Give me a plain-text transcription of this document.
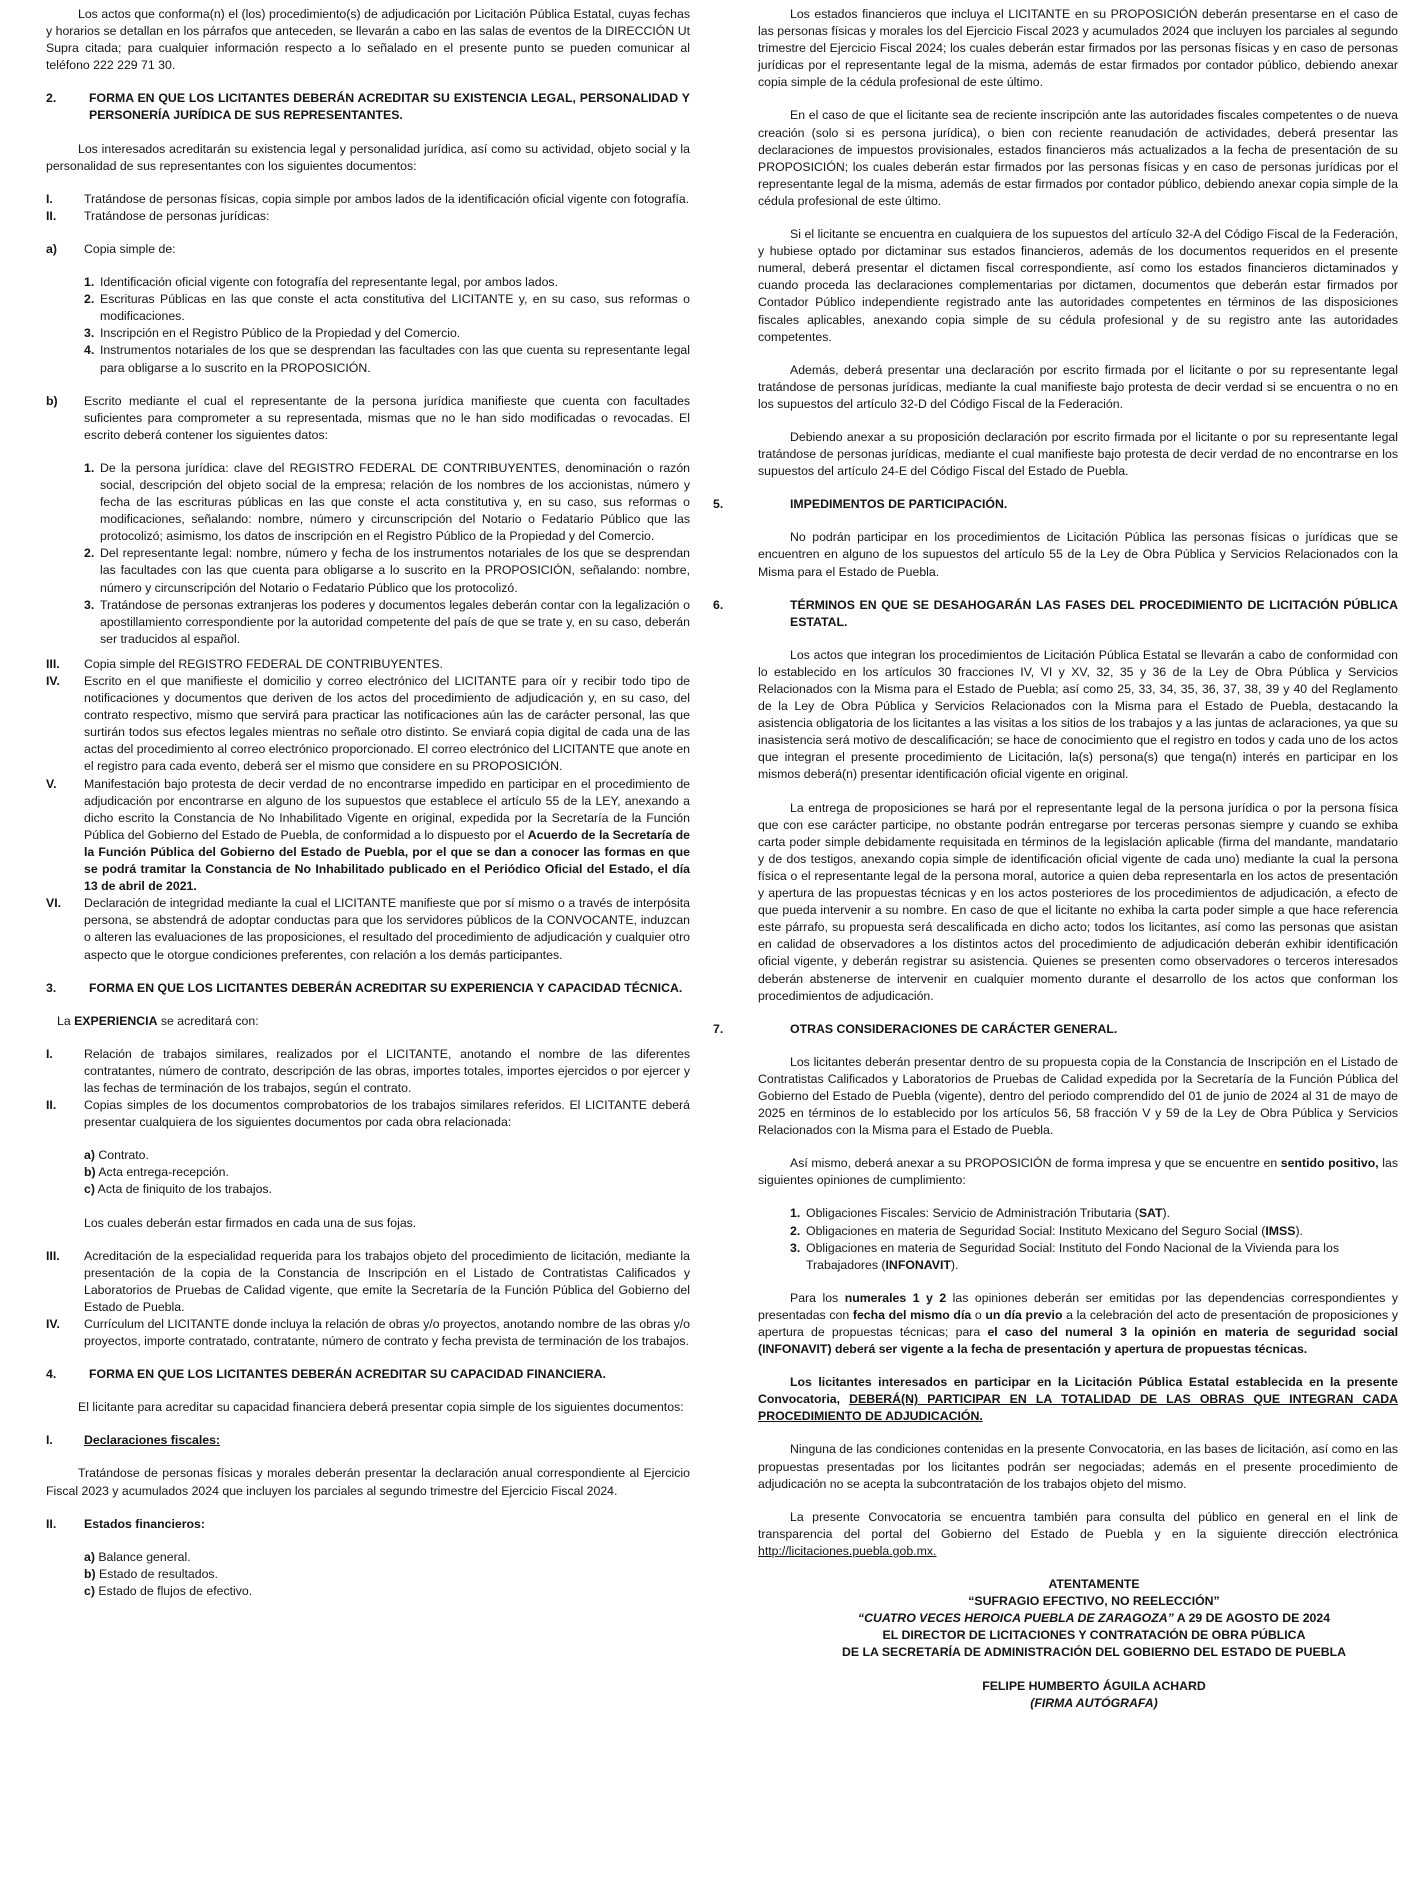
Los actos que conforma(n) el (los) procedimiento(s) de adjudicación por Licitación Pública Estatal, cuyas fechas y horarios se detallan en los párrafos que anteceden, se llevarán a cabo en las salas de eventos de la DIRECCIÓN Ut Supra citada; para cualquier información respecto a lo señalado en el presente punto se pueden comunicar al teléfono 222 229 71 30.

2.	FORMA EN QUE LOS LICITANTES DEBERÁN ACREDITAR SU EXISTENCIA LEGAL, PERSONALIDAD Y PERSONERÍA JURÍDICA DE SUS REPRESENTANTES.

Los interesados acreditarán su existencia legal y personalidad jurídica, así como su actividad, objeto social y la personalidad de sus representantes con los siguientes documentos:

I.	Tratándose de personas físicas, copia simple por ambos lados de la identificación oficial vigente con fotografía.
II.	Tratándose de personas jurídicas:
a)	Copia simple de:
1. Identificación oficial vigente con fotografía del representante legal, por ambos lados.
2. Escrituras Públicas en las que conste el acta constitutiva del LICITANTE y, en su caso, sus reformas o modificaciones.
3. Inscripción en el Registro Público de la Propiedad y del Comercio.
4. Instrumentos notariales de los que se desprendan las facultades con las que cuenta su representante legal para obligarse a lo suscrito en la PROPOSICIÓN.
b)	Escrito mediante el cual el representante de la persona jurídica manifieste que cuenta con facultades suficientes para comprometer a su representada, mismas que no le han sido modificadas o revocadas. El escrito deberá contener los siguientes datos:
1. De la persona jurídica: clave del REGISTRO FEDERAL DE CONTRIBUYENTES, denominación o razón social, descripción del objeto social de la empresa; relación de los nombres de los accionistas, número y fecha de las escrituras públicas en las que conste el acta constitutiva y, en su caso, sus reformas o modificaciones, señalando: nombre, número y circunscripción del Notario o Fedatario Público que las protocolizó; asimismo, los datos de inscripción en el Registro Público de la Propiedad y del Comercio.
2. Del representante legal: nombre, número y fecha de los instrumentos notariales de los que se desprendan las facultades con las que cuenta para obligarse a lo suscrito en la PROPOSICIÓN, señalando: nombre, número y circunscripción del Notario o Fedatario Público que los protocolizó.
3. Tratándose de personas extranjeras los poderes y documentos legales deberán contar con la legalización o apostillamiento correspondiente por la autoridad competente del país de que se trate y, en su caso, deberán ser traducidos al español.
III.	Copia simple del REGISTRO FEDERAL DE CONTRIBUYENTES.
IV.	Escrito en el que manifieste el domicilio y correo electrónico del LICITANTE para oír y recibir todo tipo de notificaciones y documentos que deriven de los actos del procedimiento de adjudicación y, en su caso, del contrato respectivo, mismo que servirá para practicar las notificaciones aún las de carácter personal, las que surtirán todos sus efectos legales mientras no señale otro distinto. Se enviará copia digital de cada una de las actas del procedimiento al correo electrónico proporcionado. El correo electrónico del LICITANTE que anote en el registro para cada evento, deberá ser el mismo que considere en su PROPOSICIÓN.
V.	Manifestación bajo protesta de decir verdad de no encontrarse impedido en participar en el procedimiento de adjudicación por encontrarse en alguno de los supuestos que establece el artículo 55 de la LEY, anexando a dicho escrito la Constancia de No Inhabilitado Vigente en original, expedida por la Secretaría de la Función Pública del Gobierno del Estado de Puebla, de conformidad a lo dispuesto por el Acuerdo de la Secretaría de la Función Pública del Gobierno del Estado de Puebla, por el que se dan a conocer las formas en que se podrá tramitar la Constancia de No Inhabilitado publicado en el Periódico Oficial del Estado, el día 13 de abril de 2021.
VI.	Declaración de integridad mediante la cual el LICITANTE manifieste que por sí mismo o a través de interpósita persona, se abstendrá de adoptar conductas para que los servidores públicos de la CONVOCANTE, induzcan o alteren las evaluaciones de las proposiciones, el resultado del procedimiento de adjudicación y cualquier otro aspecto que le otorgue condiciones preferentes, con relación a los demás participantes.
3.	FORMA EN QUE LOS LICITANTES DEBERÁN ACREDITAR SU EXPERIENCIA Y CAPACIDAD TÉCNICA.

La EXPERIENCIA se acreditará con:

I.	Relación de trabajos similares, realizados por el LICITANTE, anotando el nombre de las diferentes contratantes, número de contrato, descripción de las obras, importes totales, importes ejercidos o por ejercer y las fechas de terminación de los trabajos, según el contrato.
II.	Copias simples de los documentos comprobatorios de los trabajos similares referidos. El LICITANTE deberá presentar cualquiera de los siguientes documentos por cada obra relacionada:

a) Contrato.

b) Acta entrega-recepción.

c) Acta de finiquito de los trabajos.

Los cuales deberán estar firmados en cada una de sus fojas.

III.	Acreditación de la especialidad requerida para los trabajos objeto del procedimiento de licitación, mediante la presentación de la copia de la Constancia de Inscripción en el Listado de Contratistas Calificados y Laboratorios de Pruebas de Calidad vigente, que emite la Secretaría de la Función Pública del Gobierno del Estado de Puebla.
IV.	Currículum del LICITANTE donde incluya la relación de obras y/o proyectos, anotando nombre de las obras y/o proyectos, importe contratado, contratante, número de contrato y fecha prevista de terminación de los trabajos.
4.	FORMA EN QUE LOS LICITANTES DEBERÁN ACREDITAR SU CAPACIDAD FINANCIERA.

El licitante para acreditar su capacidad financiera deberá presentar copia simple de los siguientes documentos:

I.	Declaraciones fiscales:

Tratándose de personas físicas y morales deberán presentar la declaración anual correspondiente al Ejercicio Fiscal 2023 y acumulados 2024 que incluyen los parciales al segundo trimestre del Ejercicio Fiscal 2024.

II.	Estados financieros:

a) Balance general.

b) Estado de resultados.

c) Estado de flujos de efectivo.

Los estados financieros que incluya el LICITANTE en su PROPOSICIÓN deberán presentarse en el caso de las personas físicas y morales los del Ejercicio Fiscal 2023 y acumulados 2024 que incluyen los parciales al segundo trimestre del Ejercicio Fiscal 2024; los cuales deberán estar firmados por las personas físicas y en caso de personas jurídicas por el representante legal de la misma, además de estar firmados por contador público, debiendo anexar copia simple de la cédula profesional de este último.

En el caso de que el licitante sea de reciente inscripción ante las autoridades fiscales competentes o de nueva creación (solo si es persona jurídica), o bien con reciente reanudación de actividades, deberá presentar las declaraciones de impuestos provisionales, estados financieros más actualizados a la fecha de presentación de su PROPOSICIÓN; los cuales deberán estar firmados por las personas físicas y en caso de personas jurídicas por el representante legal de la misma, además de estar firmados por contador público, debiendo anexar copia simple de la cédula profesional de este último.

Si el licitante se encuentra en cualquiera de los supuestos del artículo 32-A del Código Fiscal de la Federación, y hubiese optado por dictaminar sus estados financieros, además de los documentos requeridos en el presente numeral, deberá presentar el dictamen fiscal correspondiente, así como los estados financieros dictaminados y cuando proceda las declaraciones complementarias por dictamen, documentos que deberán estar firmados por Contador Público independiente registrado ante las autoridades competentes en términos de las disposiciones fiscales aplicables, anexando copia simple de su cédula profesional y de su registro ante las autoridades competentes.

Además, deberá presentar una declaración por escrito firmada por el licitante o por su representante legal tratándose de personas jurídicas, mediante la cual manifieste bajo protesta de decir verdad si se encuentra o no en los supuestos del artículo 32-D del Código Fiscal de la Federación.

Debiendo anexar a su proposición declaración por escrito firmada por el licitante o por su representante legal tratándose de personas jurídicas, mediante el cual manifieste bajo protesta de decir verdad de no encontrarse en los supuestos del artículo 24-E del Código Fiscal del Estado de Puebla.

5.	IMPEDIMENTOS DE PARTICIPACIÓN.

No podrán participar en los procedimientos de Licitación Pública las personas físicas o jurídicas que se encuentren en alguno de los supuestos del artículo 55 de la Ley de Obra Pública y Servicios Relacionados con la Misma para el Estado de Puebla.

6.	TÉRMINOS EN QUE SE DESAHOGARÁN LAS FASES DEL PROCEDIMIENTO DE LICITACIÓN PÚBLICA ESTATAL.

Los actos que integran los procedimientos de Licitación Pública Estatal se llevarán a cabo de conformidad con lo establecido en los artículos 30 fracciones IV, VI y XV, 32, 35 y 36 de la Ley de Obra Pública y Servicios Relacionados con la Misma para el Estado de Puebla; así como 25, 33, 34, 35, 36, 37, 38, 39 y 40 del Reglamento de la Ley de Obra Pública y Servicios Relacionados con la Misma para el Estado de Puebla, destacando la asistencia obligatoria de los licitantes a las visitas a los sitios de los trabajos y a las juntas de aclaraciones, ya que su inasistencia será motivo de descalificación; se hace de conocimiento que el registro en todos y cada uno de los actos que integran el presente procedimiento de Licitación, la(s) persona(s) que tenga(n) interés en participar en los mismos deberá(n) presentar identificación oficial vigente en original.

La entrega de proposiciones se hará por el representante legal de la persona jurídica o por la persona física que con ese carácter participe, no obstante podrán entregarse por terceras personas siempre y cuando se exhiba carta poder simple debidamente requisitada en términos de la legislación aplicable (firma del mandante, mandatario y de dos testigos, anexando copia simple de identificación oficial vigente de cada uno) mediante la cual la persona física o el representante legal de la persona moral, autorice a quien deba representarla en los actos de presentación y apertura de las propuestas técnicas y en los actos posteriores de los procedimientos de adjudicación, a efecto de que pueda intervenir a su nombre. En caso de que el licitante no exhiba la carta poder simple a que hace referencia este párrafo, su propuesta será descalificada en dicho acto; todos los licitantes, así como las personas que asistan en calidad de observadores a los distintos actos del procedimiento de adjudicación deberán exhibir identificación oficial vigente, y deberán registrar su asistencia. Quienes se presenten como observadores o terceros interesados deberán abstenerse de intervenir en cualquier momento durante el desarrollo de los actos que conforman los procedimientos de adjudicación.

7.	OTRAS CONSIDERACIONES DE CARÁCTER GENERAL.

Los licitantes deberán presentar dentro de su propuesta copia de la Constancia de Inscripción en el Listado de Contratistas Calificados y Laboratorios de Pruebas de Calidad expedida por la Secretaría de la Función Pública del Gobierno del Estado de Puebla (vigente), dentro del periodo comprendido del 01 de junio de 2024 al 31 de mayo de 2025 en términos de lo establecido por los artículos 56, 58 fracción V y 59 de la Ley de Obra Pública y Servicios Relacionados con la Misma para el Estado de Puebla.

Así mismo, deberá anexar a su PROPOSICIÓN de forma impresa y que se encuentre en sentido positivo, las siguientes opiniones de cumplimiento:

1. Obligaciones Fiscales: Servicio de Administración Tributaria (SAT).
2. Obligaciones en materia de Seguridad Social: Instituto Mexicano del Seguro Social (IMSS).
3. Obligaciones en materia de Seguridad Social: Instituto del Fondo Nacional de la Vivienda para los Trabajadores (INFONAVIT).

Para los numerales 1 y 2 las opiniones deberán ser emitidas por las dependencias correspondientes y presentadas con fecha del mismo día o un día previo a la celebración del acto de presentación de proposiciones y apertura de propuestas técnicas; para el caso del numeral 3 la opinión en materia de seguridad social (INFONAVIT) deberá ser vigente a la fecha de presentación y apertura de propuestas técnicas.

Los licitantes interesados en participar en la Licitación Pública Estatal establecida en la presente Convocatoria, DEBERÁ(N) PARTICIPAR EN LA TOTALIDAD DE LAS OBRAS QUE INTEGRAN CADA PROCEDIMIENTO DE ADJUDICACIÓN.

Ninguna de las condiciones contenidas en la presente Convocatoria, en las bases de licitación, así como en las propuestas presentadas por los licitantes podrán ser negociadas; además en el presente procedimiento de adjudicación no se acepta la subcontratación de los trabajos objeto del mismo.

La presente Convocatoria se encuentra también para consulta del público en general en el link de transparencia del portal del Gobierno del Estado de Puebla y en la siguiente dirección electrónica http://licitaciones.puebla.gob.mx.

ATENTAMENTE

“SUFRAGIO EFECTIVO, NO REELECCIÓN”

“CUATRO VECES HEROICA PUEBLA DE ZARAGOZA” A 29 DE AGOSTO DE 2024

EL DIRECTOR DE LICITACIONES Y CONTRATACIÓN DE OBRA PÚBLICA

DE LA SECRETARÍA DE ADMINISTRACIÓN DEL GOBIERNO DEL ESTADO DE PUEBLA

FELIPE HUMBERTO ÁGUILA ACHARD

(FIRMA AUTÓGRAFA)
